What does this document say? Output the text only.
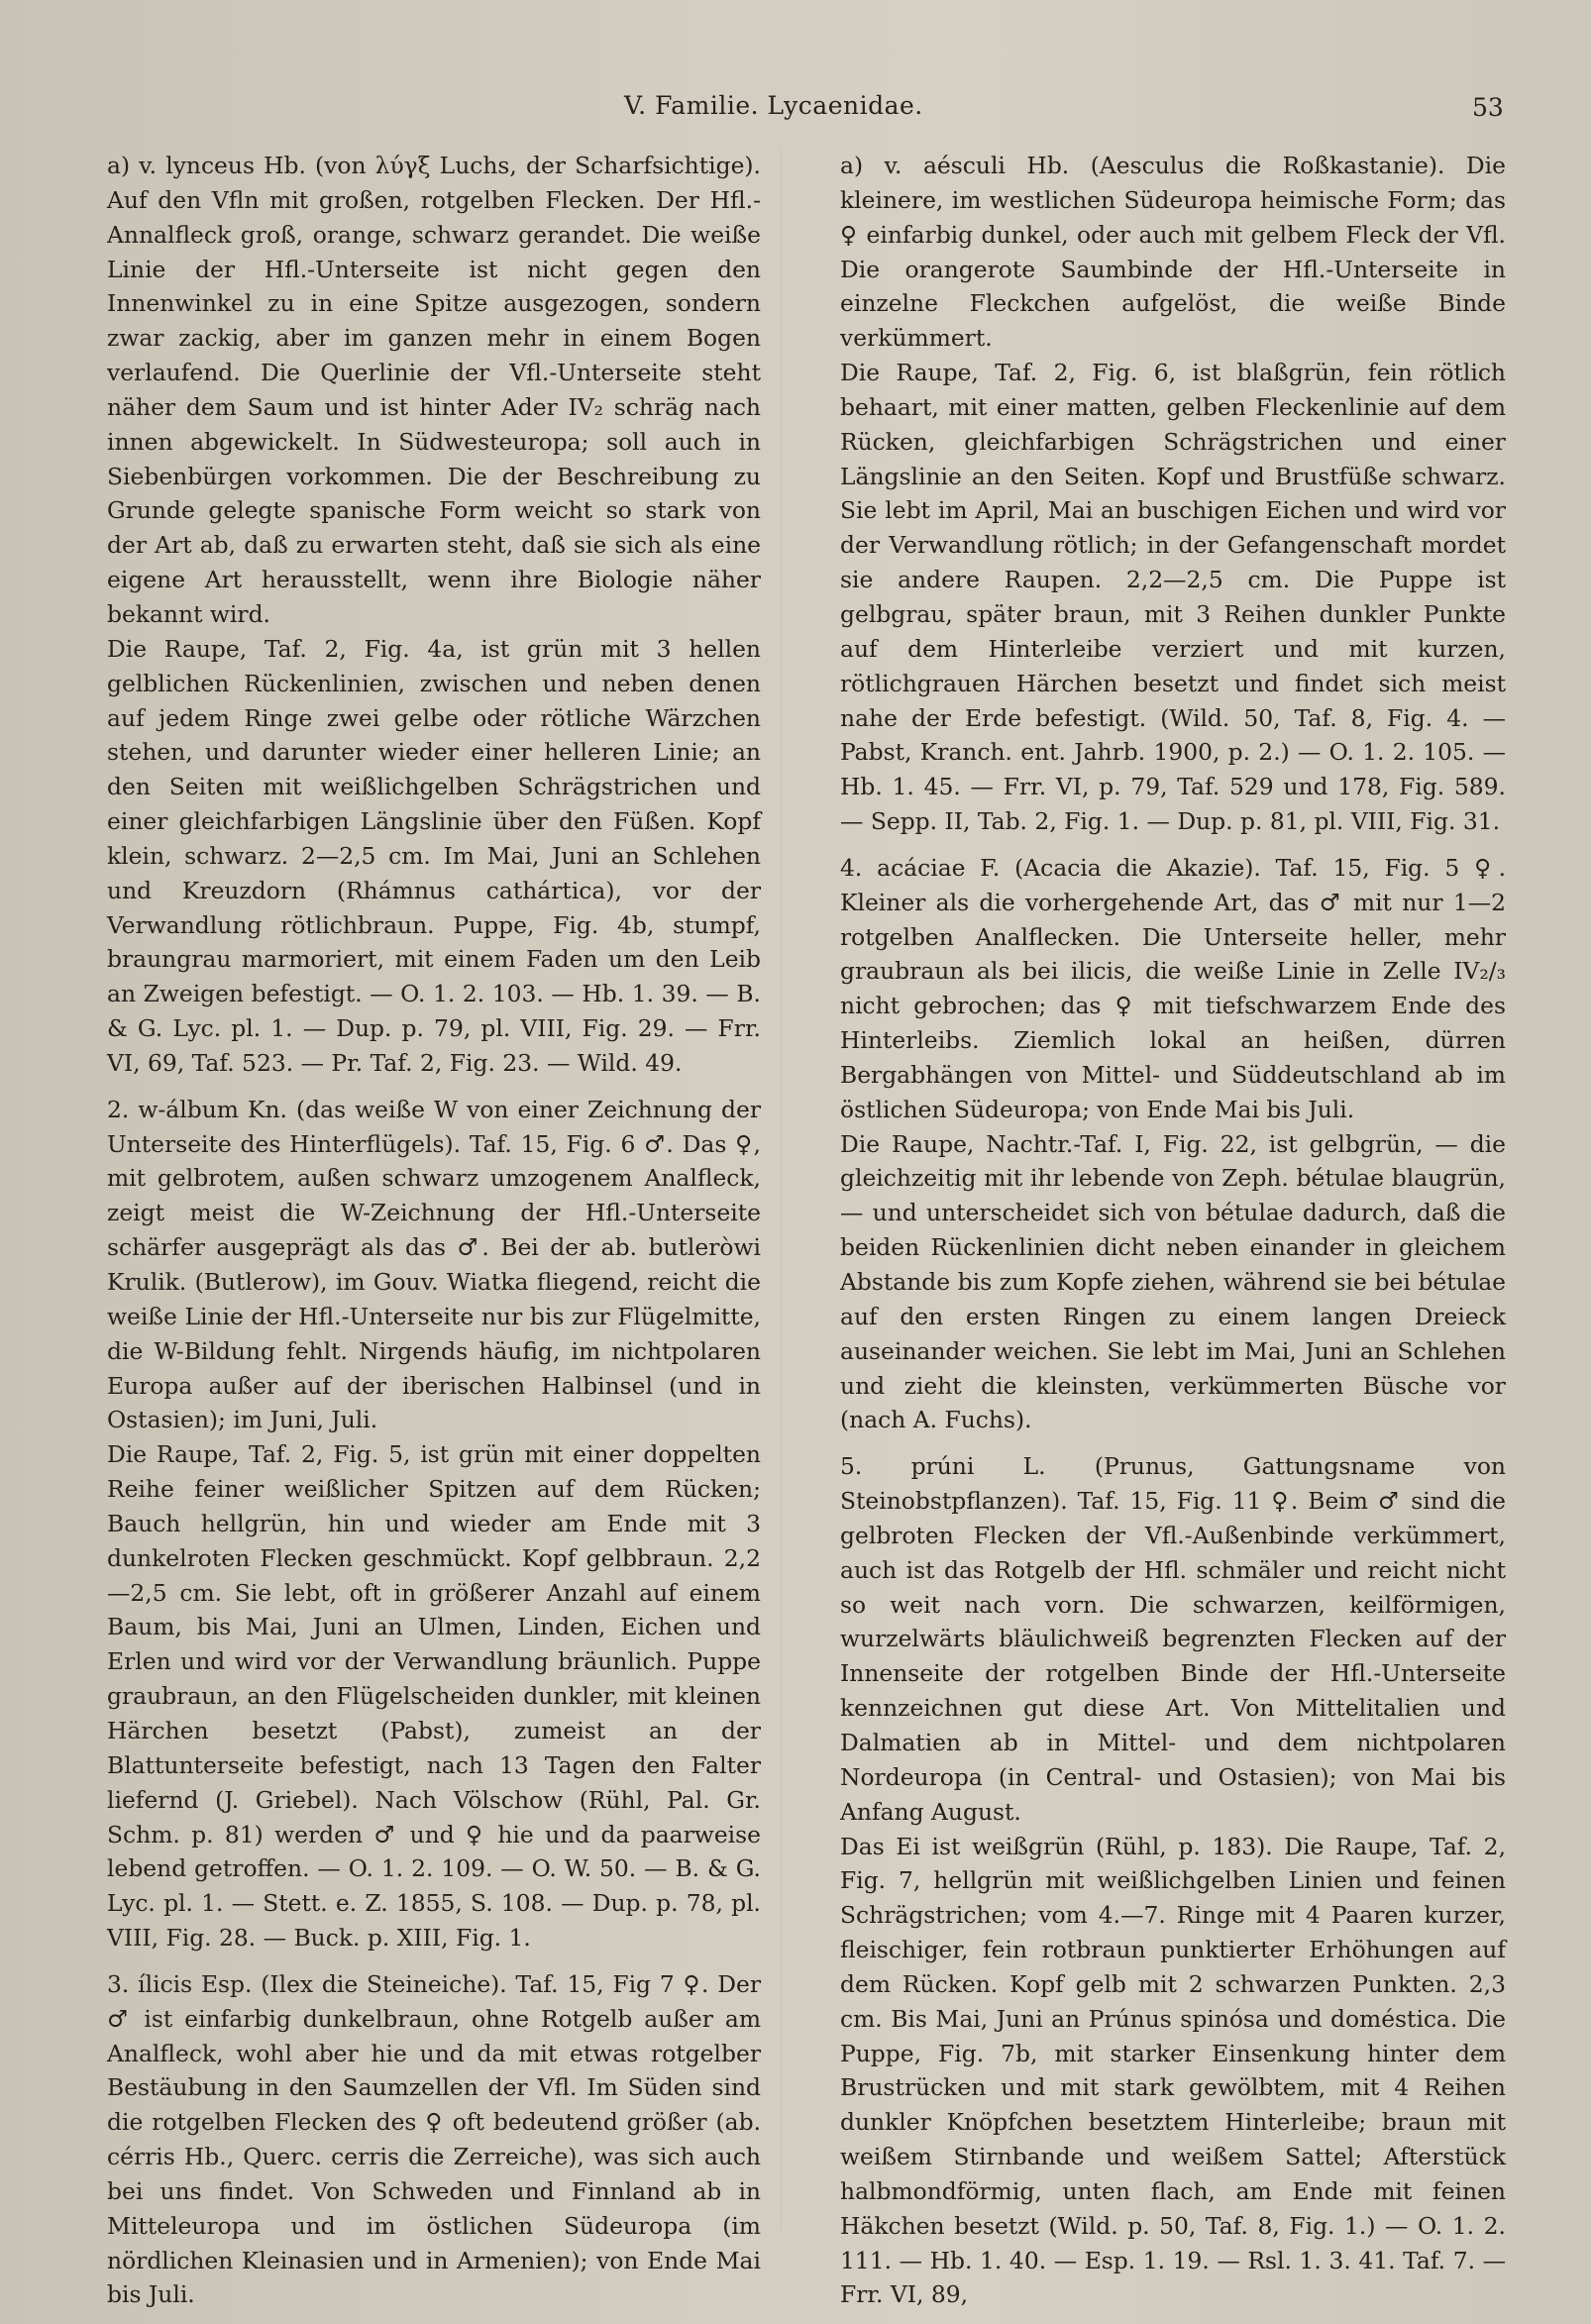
V. Familie. Lycaenidae.	53

a) v. lynceus Hb. (von λύγξ Luchs, der Scharfsichtige). Auf den Vfln mit großen, rotgelben Flecken. Der Hfl.-Annalfleck groß, orange, schwarz gerandet. Die weiße Linie der Hfl.-Unterseite ist nicht gegen den Innenwinkel zu in eine Spitze ausgezogen, sondern zwar zackig, aber im ganzen mehr in einem Bogen verlaufend. Die Querlinie der Vfl.-Unterseite steht näher dem Saum und ist hinter Ader IV₂ schräg nach innen abgewickelt. In Südwesteuropa; soll auch in Siebenbürgen vorkommen. Die der Beschreibung zu Grunde gelegte spanische Form weicht so stark von der Art ab, daß zu erwarten steht, daß sie sich als eine eigene Art herausstellt, wenn ihre Biologie näher bekannt wird.

Die Raupe, Taf. 2, Fig. 4a, ist grün mit 3 hellen gelblichen Rückenlinien, zwischen und neben denen auf jedem Ringe zwei gelbe oder rötliche Wärzchen stehen, und darunter wieder einer helleren Linie; an den Seiten mit weißlichgelben Schrägstrichen und einer gleichfarbigen Längslinie über den Füßen. Kopf klein, schwarz. 2—2,5 cm. Im Mai, Juni an Schlehen und Kreuzdorn (Rhámnus cathártica), vor der Verwandlung rötlichbraun. Puppe, Fig. 4b, stumpf, braungrau marmoriert, mit einem Faden um den Leib an Zweigen befestigt. — O. 1. 2. 103. — Hb. 1. 39. — B. & G. Lyc. pl. 1. — Dup. p. 79, pl. VIII, Fig. 29. — Frr. VI, 69, Taf. 523. — Pr. Taf. 2, Fig. 23. — Wild. 49.

2. w-álbum Kn. (das weiße W von einer Zeichnung der Unterseite des Hinterflügels). Taf. 15, Fig. 6 ♂. Das ♀, mit gelbrotem, außen schwarz umzogenem Analfleck, zeigt meist die W-Zeichnung der Hfl.-Unterseite schärfer ausgeprägt als das ♂. Bei der ab. butleròwi Krulik. (Butlerow), im Gouv. Wiatka fliegend, reicht die weiße Linie der Hfl.-Unterseite nur bis zur Flügelmitte, die W-Bildung fehlt. Nirgends häufig, im nichtpolaren Europa außer auf der iberischen Halbinsel (und in Ostasien); im Juni, Juli.

Die Raupe, Taf. 2, Fig. 5, ist grün mit einer doppelten Reihe feiner weißlicher Spitzen auf dem Rücken; Bauch hellgrün, hin und wieder am Ende mit 3 dunkelroten Flecken geschmückt. Kopf gelbbraun. 2,2—2,5 cm. Sie lebt, oft in größerer Anzahl auf einem Baum, bis Mai, Juni an Ulmen, Linden, Eichen und Erlen und wird vor der Verwandlung bräunlich. Puppe graubraun, an den Flügelscheiden dunkler, mit kleinen Härchen besetzt (Pabst), zumeist an der Blattunterseite befestigt, nach 13 Tagen den Falter liefernd (J. Griebel). Nach Völschow (Rühl, Pal. Gr. Schm. p. 81) werden ♂ und ♀ hie und da paarweise lebend getroffen. — O. 1. 2. 109. — O. W. 50. — B. & G. Lyc. pl. 1. — Stett. e. Z. 1855, S. 108. — Dup. p. 78, pl. VIII, Fig. 28. — Buck. p. XIII, Fig. 1.

3. ílicis Esp. (Ilex die Steineiche). Taf. 15, Fig 7 ♀. Der ♂ ist einfarbig dunkelbraun, ohne Rotgelb außer am Analfleck, wohl aber hie und da mit etwas rotgelber Bestäubung in den Saumzellen der Vfl. Im Süden sind die rotgelben Flecken des ♀ oft bedeutend größer (ab. cérris Hb., Querc. cerris die Zerreiche), was sich auch bei uns findet. Von Schweden und Finnland ab in Mitteleuropa und im östlichen Südeuropa (im nördlichen Kleinasien und in Armenien); von Ende Mai bis Juli.

a) v. aésculi Hb. (Aesculus die Roßkastanie). Die kleinere, im westlichen Südeuropa heimische Form; das ♀ einfarbig dunkel, oder auch mit gelbem Fleck der Vfl. Die orangerote Saumbinde der Hfl.-Unterseite in einzelne Fleckchen aufgelöst, die weiße Binde verkümmert.

Die Raupe, Taf. 2, Fig. 6, ist blaßgrün, fein rötlich behaart, mit einer matten, gelben Fleckenlinie auf dem Rücken, gleichfarbigen Schrägstrichen und einer Längslinie an den Seiten. Kopf und Brustfüße schwarz. Sie lebt im April, Mai an buschigen Eichen und wird vor der Verwandlung rötlich; in der Gefangenschaft mordet sie andere Raupen. 2,2—2,5 cm. Die Puppe ist gelbgrau, später braun, mit 3 Reihen dunkler Punkte auf dem Hinterleibe verziert und mit kurzen, rötlichgrauen Härchen besetzt und findet sich meist nahe der Erde befestigt. (Wild. 50, Taf. 8, Fig. 4. — Pabst, Kranch. ent. Jahrb. 1900, p. 2.) — O. 1. 2. 105. — Hb. 1. 45. — Frr. VI, p. 79, Taf. 529 und 178, Fig. 589. — Sepp. II, Tab. 2, Fig. 1. — Dup. p. 81, pl. VIII, Fig. 31.

4. acáciae F. (Acacia die Akazie). Taf. 15, Fig. 5 ♀. Kleiner als die vorhergehende Art, das ♂ mit nur 1—2 rotgelben Analflecken. Die Unterseite heller, mehr graubraun als bei ilicis, die weiße Linie in Zelle IV₂/₃ nicht gebrochen; das ♀ mit tiefschwarzem Ende des Hinterleibs. Ziemlich lokal an heißen, dürren Bergabhängen von Mittel- und Süddeutschland ab im östlichen Südeuropa; von Ende Mai bis Juli.

Die Raupe, Nachtr.-Taf. I, Fig. 22, ist gelbgrün, — die gleichzeitig mit ihr lebende von Zeph. bétulae blaugrün, — und unterscheidet sich von bétulae dadurch, daß die beiden Rückenlinien dicht neben einander in gleichem Abstande bis zum Kopfe ziehen, während sie bei bétulae auf den ersten Ringen zu einem langen Dreieck auseinander weichen. Sie lebt im Mai, Juni an Schlehen und zieht die kleinsten, verkümmerten Büsche vor (nach A. Fuchs).

5. prúni L. (Prunus, Gattungsname von Steinobstpflanzen). Taf. 15, Fig. 11 ♀. Beim ♂ sind die gelbroten Flecken der Vfl.-Außenbinde verkümmert, auch ist das Rotgelb der Hfl. schmäler und reicht nicht so weit nach vorn. Die schwarzen, keilförmigen, wurzelwärts bläulichweiß begrenzten Flecken auf der Innenseite der rotgelben Binde der Hfl.-Unterseite kennzeichnen gut diese Art. Von Mittelitalien und Dalmatien ab in Mittel- und dem nichtpolaren Nordeuropa (in Central- und Ostasien); von Mai bis Anfang August.

Das Ei ist weißgrün (Rühl, p. 183). Die Raupe, Taf. 2, Fig. 7, hellgrün mit weißlichgelben Linien und feinen Schrägstrichen; vom 4.—7. Ringe mit 4 Paaren kurzer, fleischiger, fein rotbraun punktierter Erhöhungen auf dem Rücken. Kopf gelb mit 2 schwarzen Punkten. 2,3 cm. Bis Mai, Juni an Prúnus spinósa und doméstica. Die Puppe, Fig. 7b, mit starker Einsenkung hinter dem Brustrücken und mit stark gewölbtem, mit 4 Reihen dunkler Knöpfchen besetztem Hinterleibe; braun mit weißem Stirnbande und weißem Sattel; Afterstück halbmondförmig, unten flach, am Ende mit feinen Häkchen besetzt (Wild. p. 50, Taf. 8, Fig. 1.) — O. 1. 2. 111. — Hb. 1. 40. — Esp. 1. 19. — Rsl. 1. 3. 41. Taf. 7. — Frr. VI, 89,
